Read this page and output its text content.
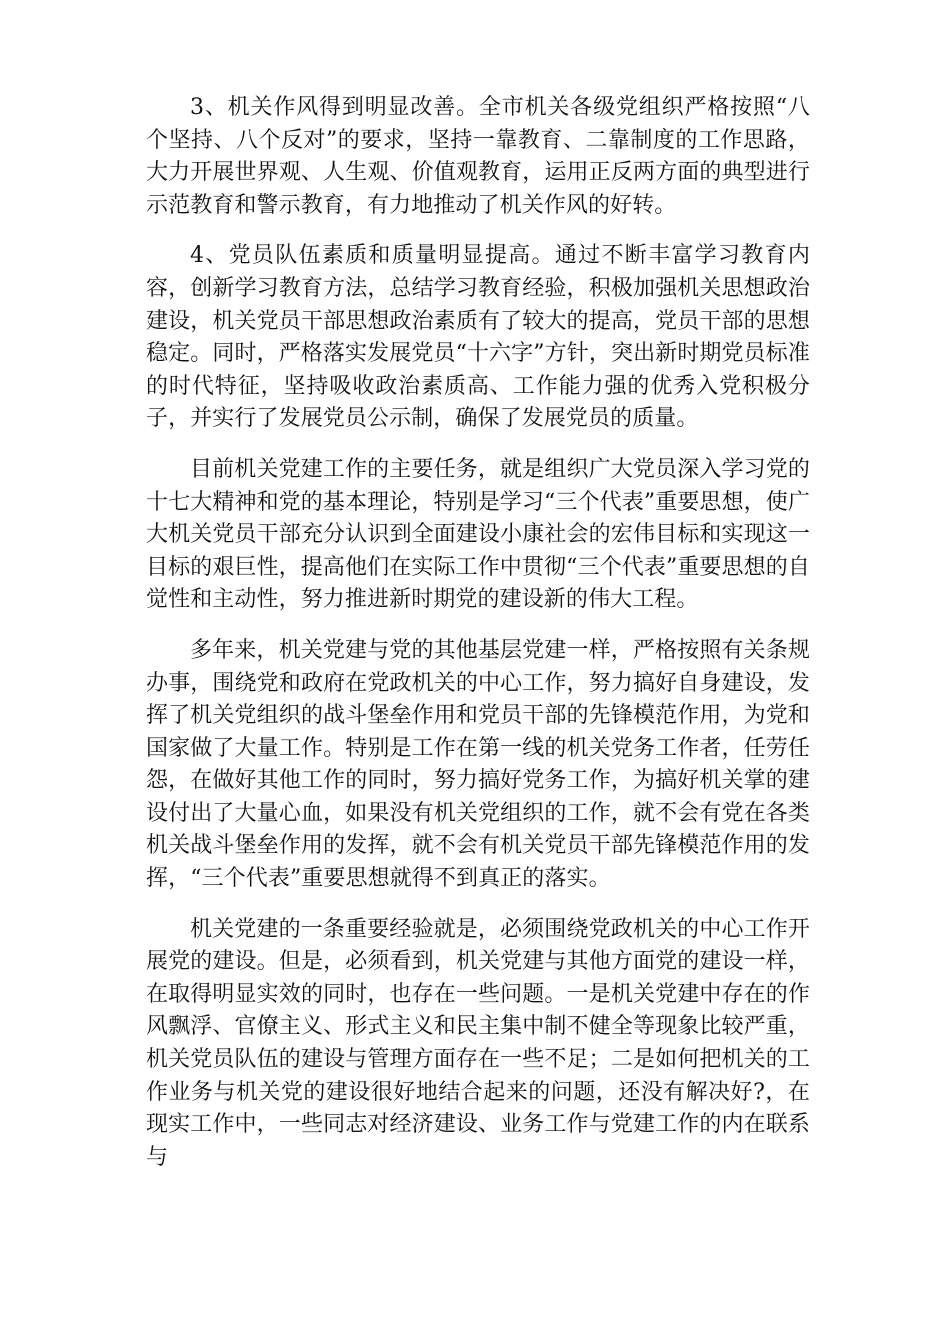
3、机关作风得到明显改善。全市机关各级党组织严格按照“八个坚持、八个反对”的要求，坚持一靠教育、二靠制度的工作思路，大力开展世界观、人生观、价值观教育，运用正反两方面的典型进行示范教育和警示教育，有力地推动了机关作风的好转。

4、党员队伍素质和质量明显提高。通过不断丰富学习教育内容，创新学习教育方法，总结学习教育经验，积极加强机关思想政治建设，机关党员干部思想政治素质有了较大的提高，党员干部的思想稳定。同时，严格落实发展党员“十六字”方针，突出新时期党员标准的时代特征，坚持吸收政治素质高、工作能力强的优秀入党积极分子，并实行了发展党员公示制，确保了发展党员的质量。

目前机关党建工作的主要任务，就是组织广大党员深入学习党的十七大精神和党的基本理论，特别是学习“三个代表”重要思想，使广大机关党员干部充分认识到全面建设小康社会的宏伟目标和实现这一目标的艰巨性，提高他们在实际工作中贯彻“三个代表”重要思想的自觉性和主动性，努力推进新时期党的建设新的伟大工程。

多年来，机关党建与党的其他基层党建一样，严格按照有关条规办事，围绕党和政府在党政机关的中心工作，努力搞好自身建设，发挥了机关党组织的战斗堡垒作用和党员干部的先锋模范作用，为党和国家做了大量工作。特别是工作在第一线的机关党务工作者，任劳任怨，在做好其他工作的同时，努力搞好党务工作，为搞好机关掌的建设付出了大量心血，如果没有机关党组织的工作，就不会有党在各类机关战斗堡垒作用的发挥，就不会有机关党员干部先锋模范作用的发挥，“三个代表”重要思想就得不到真正的落实。

机关党建的一条重要经验就是，必须围绕党政机关的中心工作开展党的建设。但是，必须看到，机关党建与其他方面党的建设一样，在取得明显实效的同时，也存在一些问题。一是机关党建中存在的作风飘浮、官僚主义、形式主义和民主集中制不健全等现象比较严重，机关党员队伍的建设与管理方面存在一些不足；二是如何把机关的工作业务与机关党的建设很好地结合起来的问题，还没有解决好?，在现实工作中，一些同志对经济建设、业务工作与党建工作的内在联系与
